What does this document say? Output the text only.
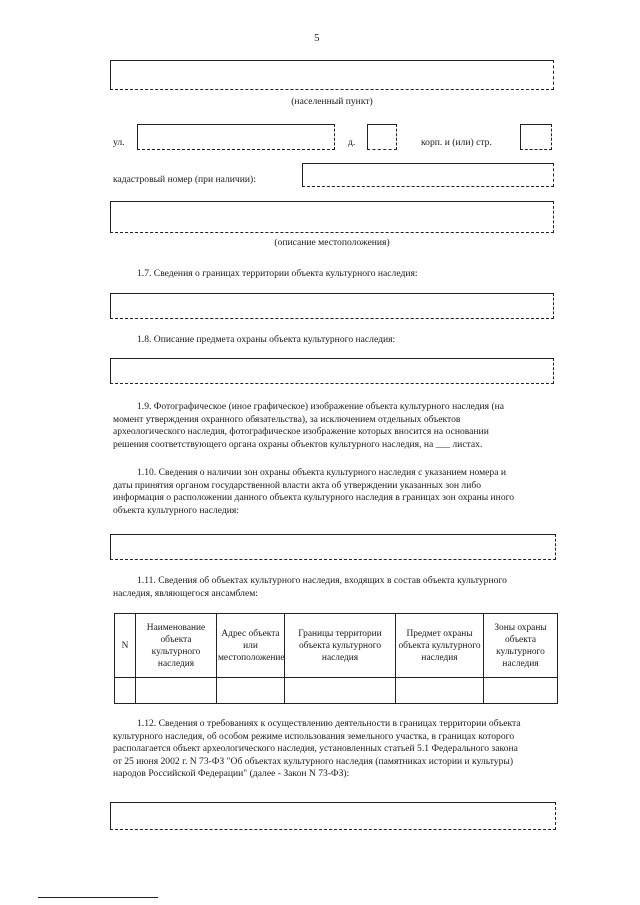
5
(населенный пункт)
ул.	д.	корп. и (или) стр.
кадастровый номер (при наличии):
(описание местоположения)
1.7. Сведения о границах территории объекта культурного наследия:
1.8. Описание предмета охраны объекта культурного наследия:
1.9. Фотографическое (иное графическое) изображение объекта культурного наследия (на
момент утверждения охранного обязательства), за исключением отдельных объектов
археологического наследия, фотографическое изображение которых вносится на основании
решения соответствующего органа охраны объектов культурного наследия, на ___ листах.
1.10. Сведения о наличии зон охраны объекта культурного наследия с указанием номера и
даты принятия органом государственной власти акта об утверждении указанных зон либо
информация о расположении данного объекта культурного наследия в границах зон охраны иного
объекта культурного наследия:
1.11. Сведения об объектах культурного наследия, входящих в состав объекта культурного
наследия, являющегося ансамблем:
N	Наименование объекта культурного наследия	Адрес объекта или местоположение	Границы территории объекта культурного наследия	Предмет охраны объекта культурного наследия	Зоны охраны объекта культурного наследия

1.12. Сведения о требованиях к осуществлению деятельности в границах территории объекта
культурного наследия, об особом режиме использования земельного участка, в границах которого
располагается объект археологического наследия, установленных статьей 5.1 Федерального закона
от 25 июня 2002 г. N 73-ФЗ "Об объектах культурного наследия (памятниках истории и культуры)
народов Российской Федерации" (далее - Закон N 73-ФЗ):
